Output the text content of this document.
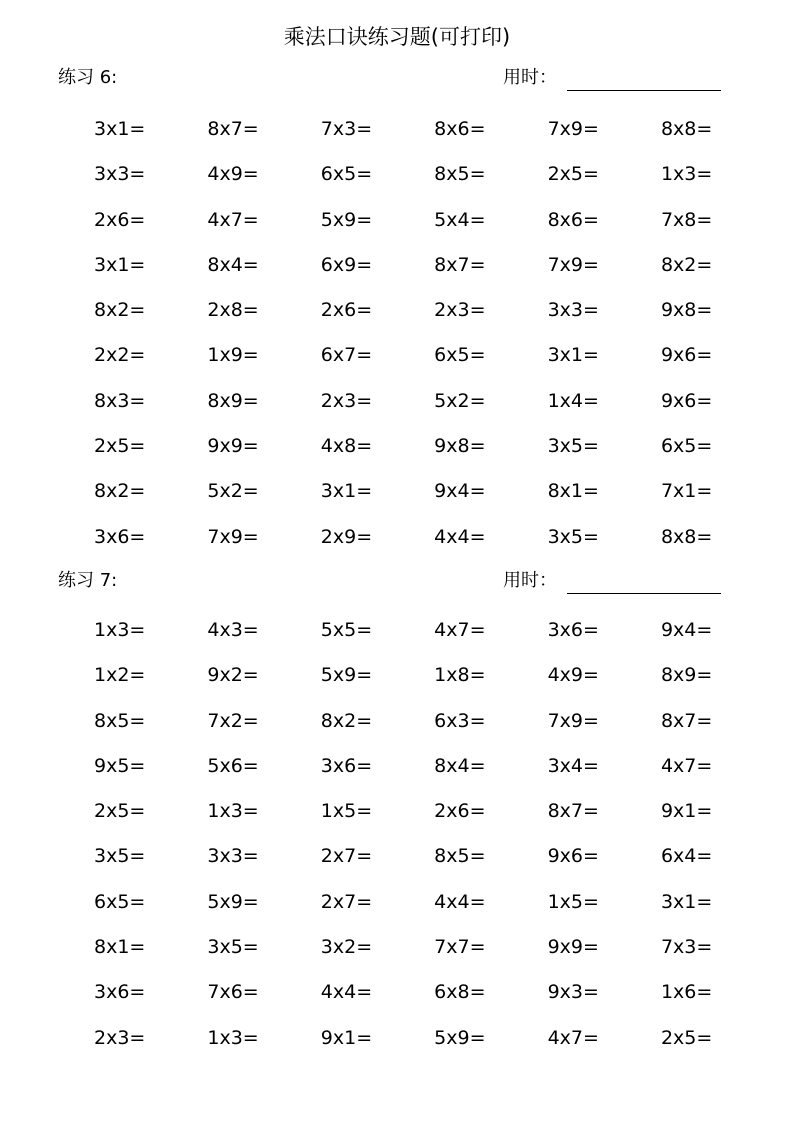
乘法口诀练习题(可打印)
练习 6:	用时：
3x1=	8x7=	7x3=	8x6=	7x9=	8x8=
3x3=	4x9=	6x5=	8x5=	2x5=	1x3=
2x6=	4x7=	5x9=	5x4=	8x6=	7x8=
3x1=	8x4=	6x9=	8x7=	7x9=	8x2=
8x2=	2x8=	2x6=	2x3=	3x3=	9x8=
2x2=	1x9=	6x7=	6x5=	3x1=	9x6=
8x3=	8x9=	2x3=	5x2=	1x4=	9x6=
2x5=	9x9=	4x8=	9x8=	3x5=	6x5=
8x2=	5x2=	3x1=	9x4=	8x1=	7x1=
3x6=	7x9=	2x9=	4x4=	3x5=	8x8=
练习 7:	用时：
1x3=	4x3=	5x5=	4x7=	3x6=	9x4=
1x2=	9x2=	5x9=	1x8=	4x9=	8x9=
8x5=	7x2=	8x2=	6x3=	7x9=	8x7=
9x5=	5x6=	3x6=	8x4=	3x4=	4x7=
2x5=	1x3=	1x5=	2x6=	8x7=	9x1=
3x5=	3x3=	2x7=	8x5=	9x6=	6x4=
6x5=	5x9=	2x7=	4x4=	1x5=	3x1=
8x1=	3x5=	3x2=	7x7=	9x9=	7x3=
3x6=	7x6=	4x4=	6x8=	9x3=	1x6=
2x3=	1x3=	9x1=	5x9=	4x7=	2x5=
